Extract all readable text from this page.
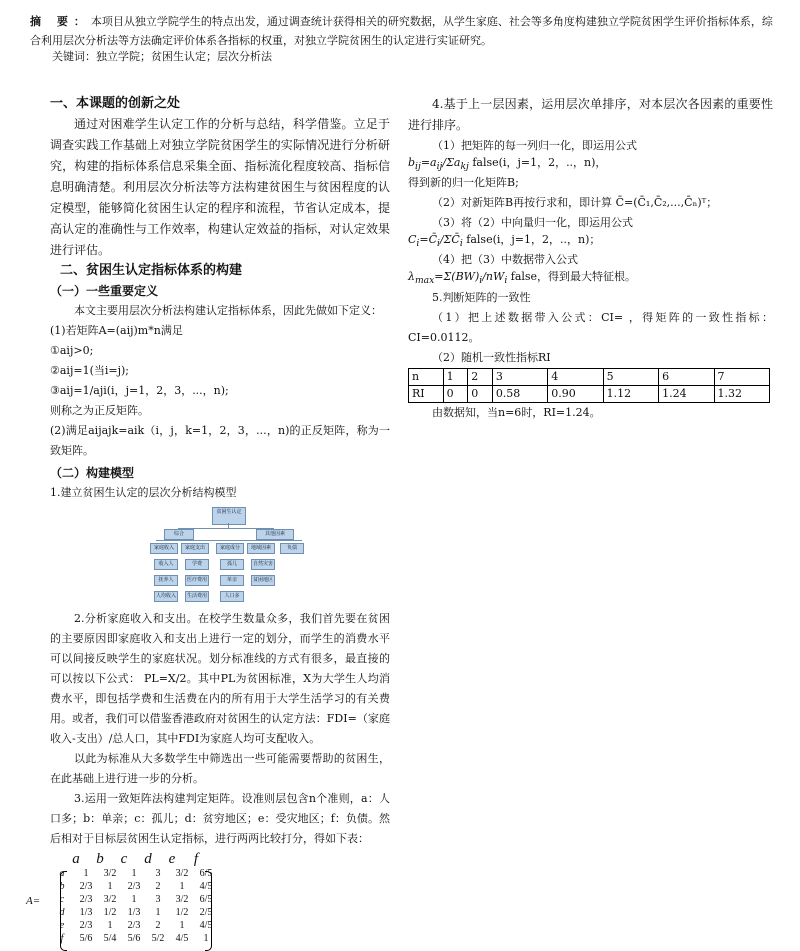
摘 要：本项目从独立学院学生的特点出发，通过调查统计获得相关的研究数据，从学生家庭、社会等多角度构建独立学院贫困学生评价指标体系，综合利用层次分析法等方法确定评价体系各指标的权重，对独立学院贫困生的认定进行实证研究。
关键词：独立学院；贫困生认定；层次分析法
一、本课题的创新之处

通过对困难学生认定工作的分析与总结，科学借鉴。立足于调查实践工作基础上对独立学院贫困学生的实际情况进行分析研究，构建的指标体系信息采集全面、指标流化程度较高、指标信息明确清楚。利用层次分析法等方法构建贫困生与贫困程度的认定模型，能够简化贫困生认定的程序和流程，节省认定成本，提高认定的准确性与工作效率，构建认定效益的指标，对认定效果进行评估。

二、贫困生认定指标体系的构建
（一）一些重要定义

本文主要用层次分析法构建认定指标体系，因此先做如下定义：

(1)若矩阵A=(aij)m*n满足

①aij>0;

②aij=1(当i=j);

③aij=1/aji(i，j=1，2，3，...，n);

则称之为正反矩阵。

(2)满足aijajk=aik（i，j，k=1，2，3，...，n)的正反矩阵，称为一致矩阵。

（二）构建模型

1.建立贫困生认定的层次分析结构模型

贫困生认定
综合	其他因素
家庭收入	家庭支出	家庭成分	地域因素	负债
收入人	学费	孤儿	自然灾害
抚养人	医疗费用	单亲	贫困地区
人均收入	生活费用	人口多

2.分析家庭收入和支出。在校学生数量众多，我们首先要在贫困的主要原因即家庭收入和支出上进行一定的划分，而学生的消费水平可以间接反映学生的家庭状况。划分标准线的方式有很多，最直接的可以按以下公式： PL=X/2。其中PL为贫困标准，X为大学生人均消费水平，即包括学费和生活费在内的所有用于大学生活学习的有关费用。或者，我们可以借鉴香港政府对贫困生的认定方法：FDI=（家庭收入-支出）/总人口，其中FDI为家庭人均可支配收入。

以此为标准从大多数学生中筛选出一些可能需要帮助的贫困生，在此基础上进行进一步的分析。

3.运用一致矩阵法构建判定矩阵。设准则层包含n个准则，a：人口多；b：单亲；c：孤儿；d：贫穷地区；e：受灾地区；f：负债。然后相对于目标层贫困生认定指标，进行两两比较打分，得如下表：

a b c d e f
A=
a 1 3/2 1 3 3/2 6/5
b 2/3 1 2/3 2 1 4/5
c 2/3 3/2 1 3 3/2 6/5
d 1/3 1/2 1/3 1 1/2 2/5
e 2/3 1 2/3 2 1 4/5
f 5/6 5/4 5/6 5/2 4/5 1

4.基于上一层因素，运用层次单排序，对本层次各因素的重要性进行排序。

（1）把矩阵的每一列归一化，即运用公式

$b_{ij}=a_{ij}/\Sigma a_{kj}$ false(i，j=1，2，..，n)，

得到新的归一化矩阵B;

（2）对新矩阵B再按行求和，即计算 C̄=(C̄₁,C̄₂,...,C̄ₙ)ᵀ；

（3）将（2）中向量归一化，即运用公式

$C_i=C̄_i/\Sigma C̄_i$ false(i，j=1，2，..，n)；

（4）把（3）中数据带入公式

$\lambda_{max}=\Sigma(BW)_i/nW_i$ false，得到最大特征根。

5.判断矩阵的一致性

（1）把上述数据带入公式：CI= ，得矩阵的一致性指标：CI=0.0112。

（2）随机一致性指标RI

n	1	2	3	4	5	6	7
RI	0	0	0.58	0.90	1.12	1.24	1.32

由数据知，当n=6时，RI=1.24。
